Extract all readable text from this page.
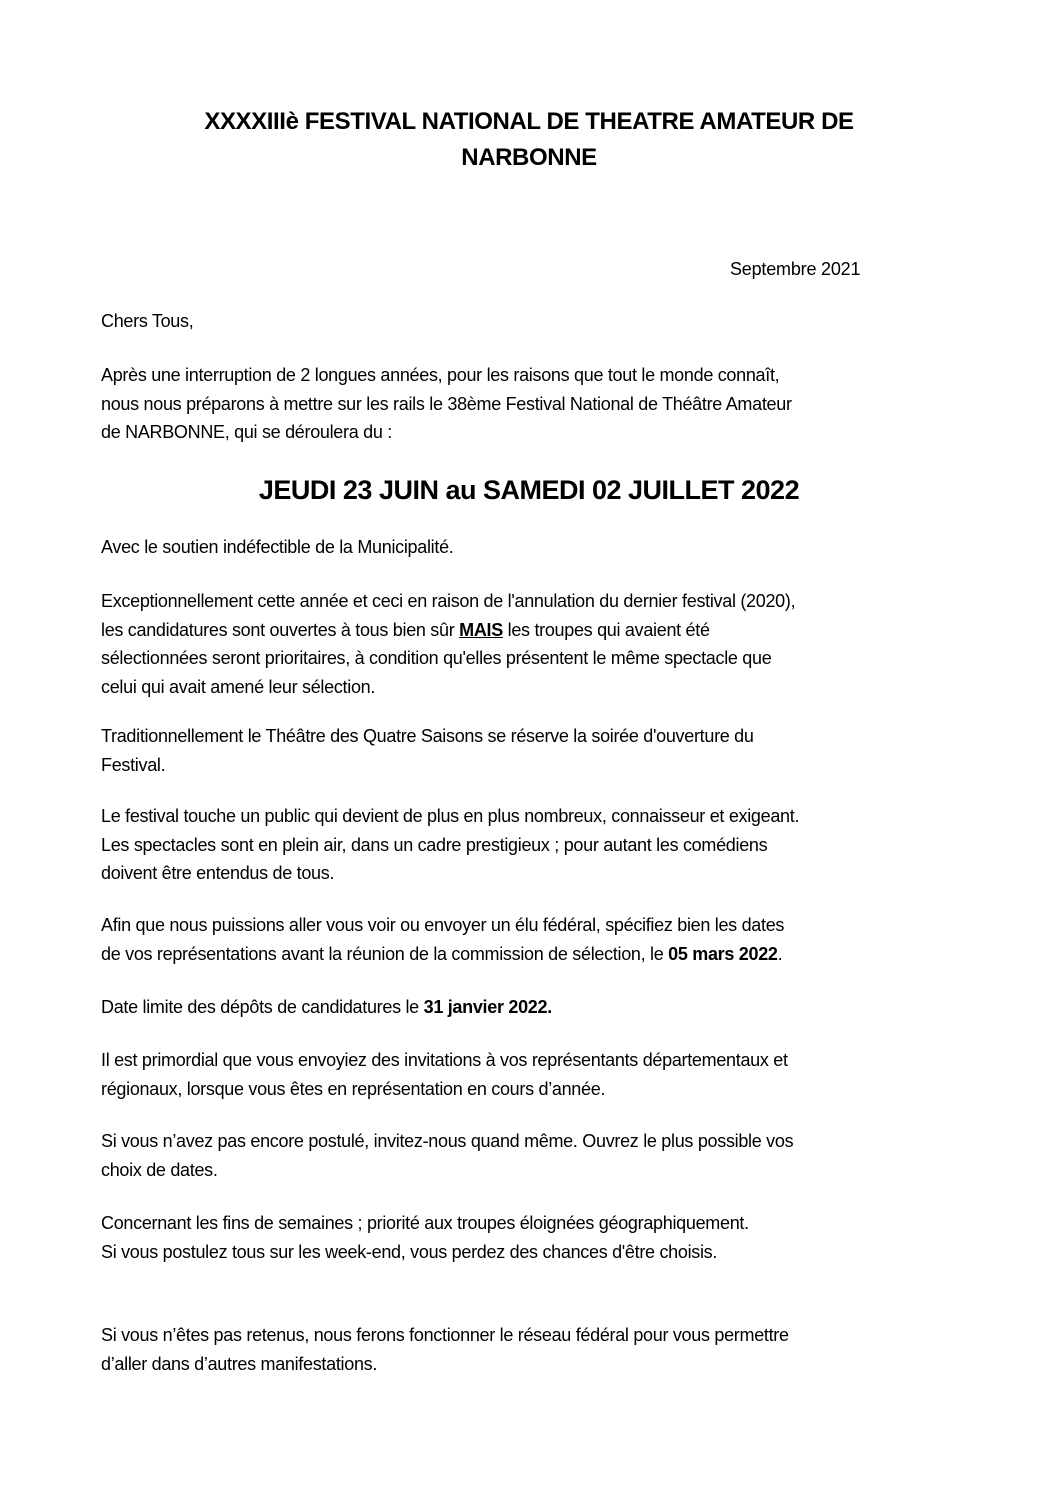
XXXXIIIè FESTIVAL NATIONAL DE THEATRE AMATEUR DE
NARBONNE
Septembre 2021
Chers Tous,
Après une interruption de 2 longues années, pour les raisons que tout le monde connaît,
nous nous préparons à mettre sur les rails le 38ème Festival National de Théâtre Amateur
de NARBONNE, qui se déroulera du :
JEUDI 23 JUIN au SAMEDI 02 JUILLET 2022
Avec le soutien indéfectible de la Municipalité.
Exceptionnellement cette année et ceci en raison de l'annulation du dernier festival (2020),
les candidatures sont ouvertes à tous bien sûr MAIS les troupes qui avaient été
sélectionnées seront prioritaires, à condition qu'elles présentent le même spectacle que
celui qui avait amené leur sélection.
Traditionnellement le Théâtre des Quatre Saisons se réserve la soirée d'ouverture du
Festival.
Le festival touche un public qui devient de plus en plus nombreux, connaisseur et exigeant.
Les spectacles sont en plein air, dans un cadre prestigieux ; pour autant les comédiens
doivent être entendus de tous.
Afin que nous puissions aller vous voir ou envoyer un élu fédéral, spécifiez bien les dates
de vos représentations avant la réunion de la commission de sélection, le 05 mars 2022.
Date limite des dépôts de candidatures le 31 janvier 2022.
Il est primordial que vous envoyiez des invitations à vos représentants départementaux et
régionaux, lorsque vous êtes en représentation en cours d’année.
Si vous n’avez pas encore postulé, invitez-nous quand même. Ouvrez le plus possible vos
choix de dates.
Concernant les fins de semaines ; priorité aux troupes éloignées géographiquement.
Si vous postulez tous sur les week-end, vous perdez des chances d'être choisis.
Si vous n’êtes pas retenus, nous ferons fonctionner le réseau fédéral pour vous permettre
d’aller dans d’autres manifestations.
